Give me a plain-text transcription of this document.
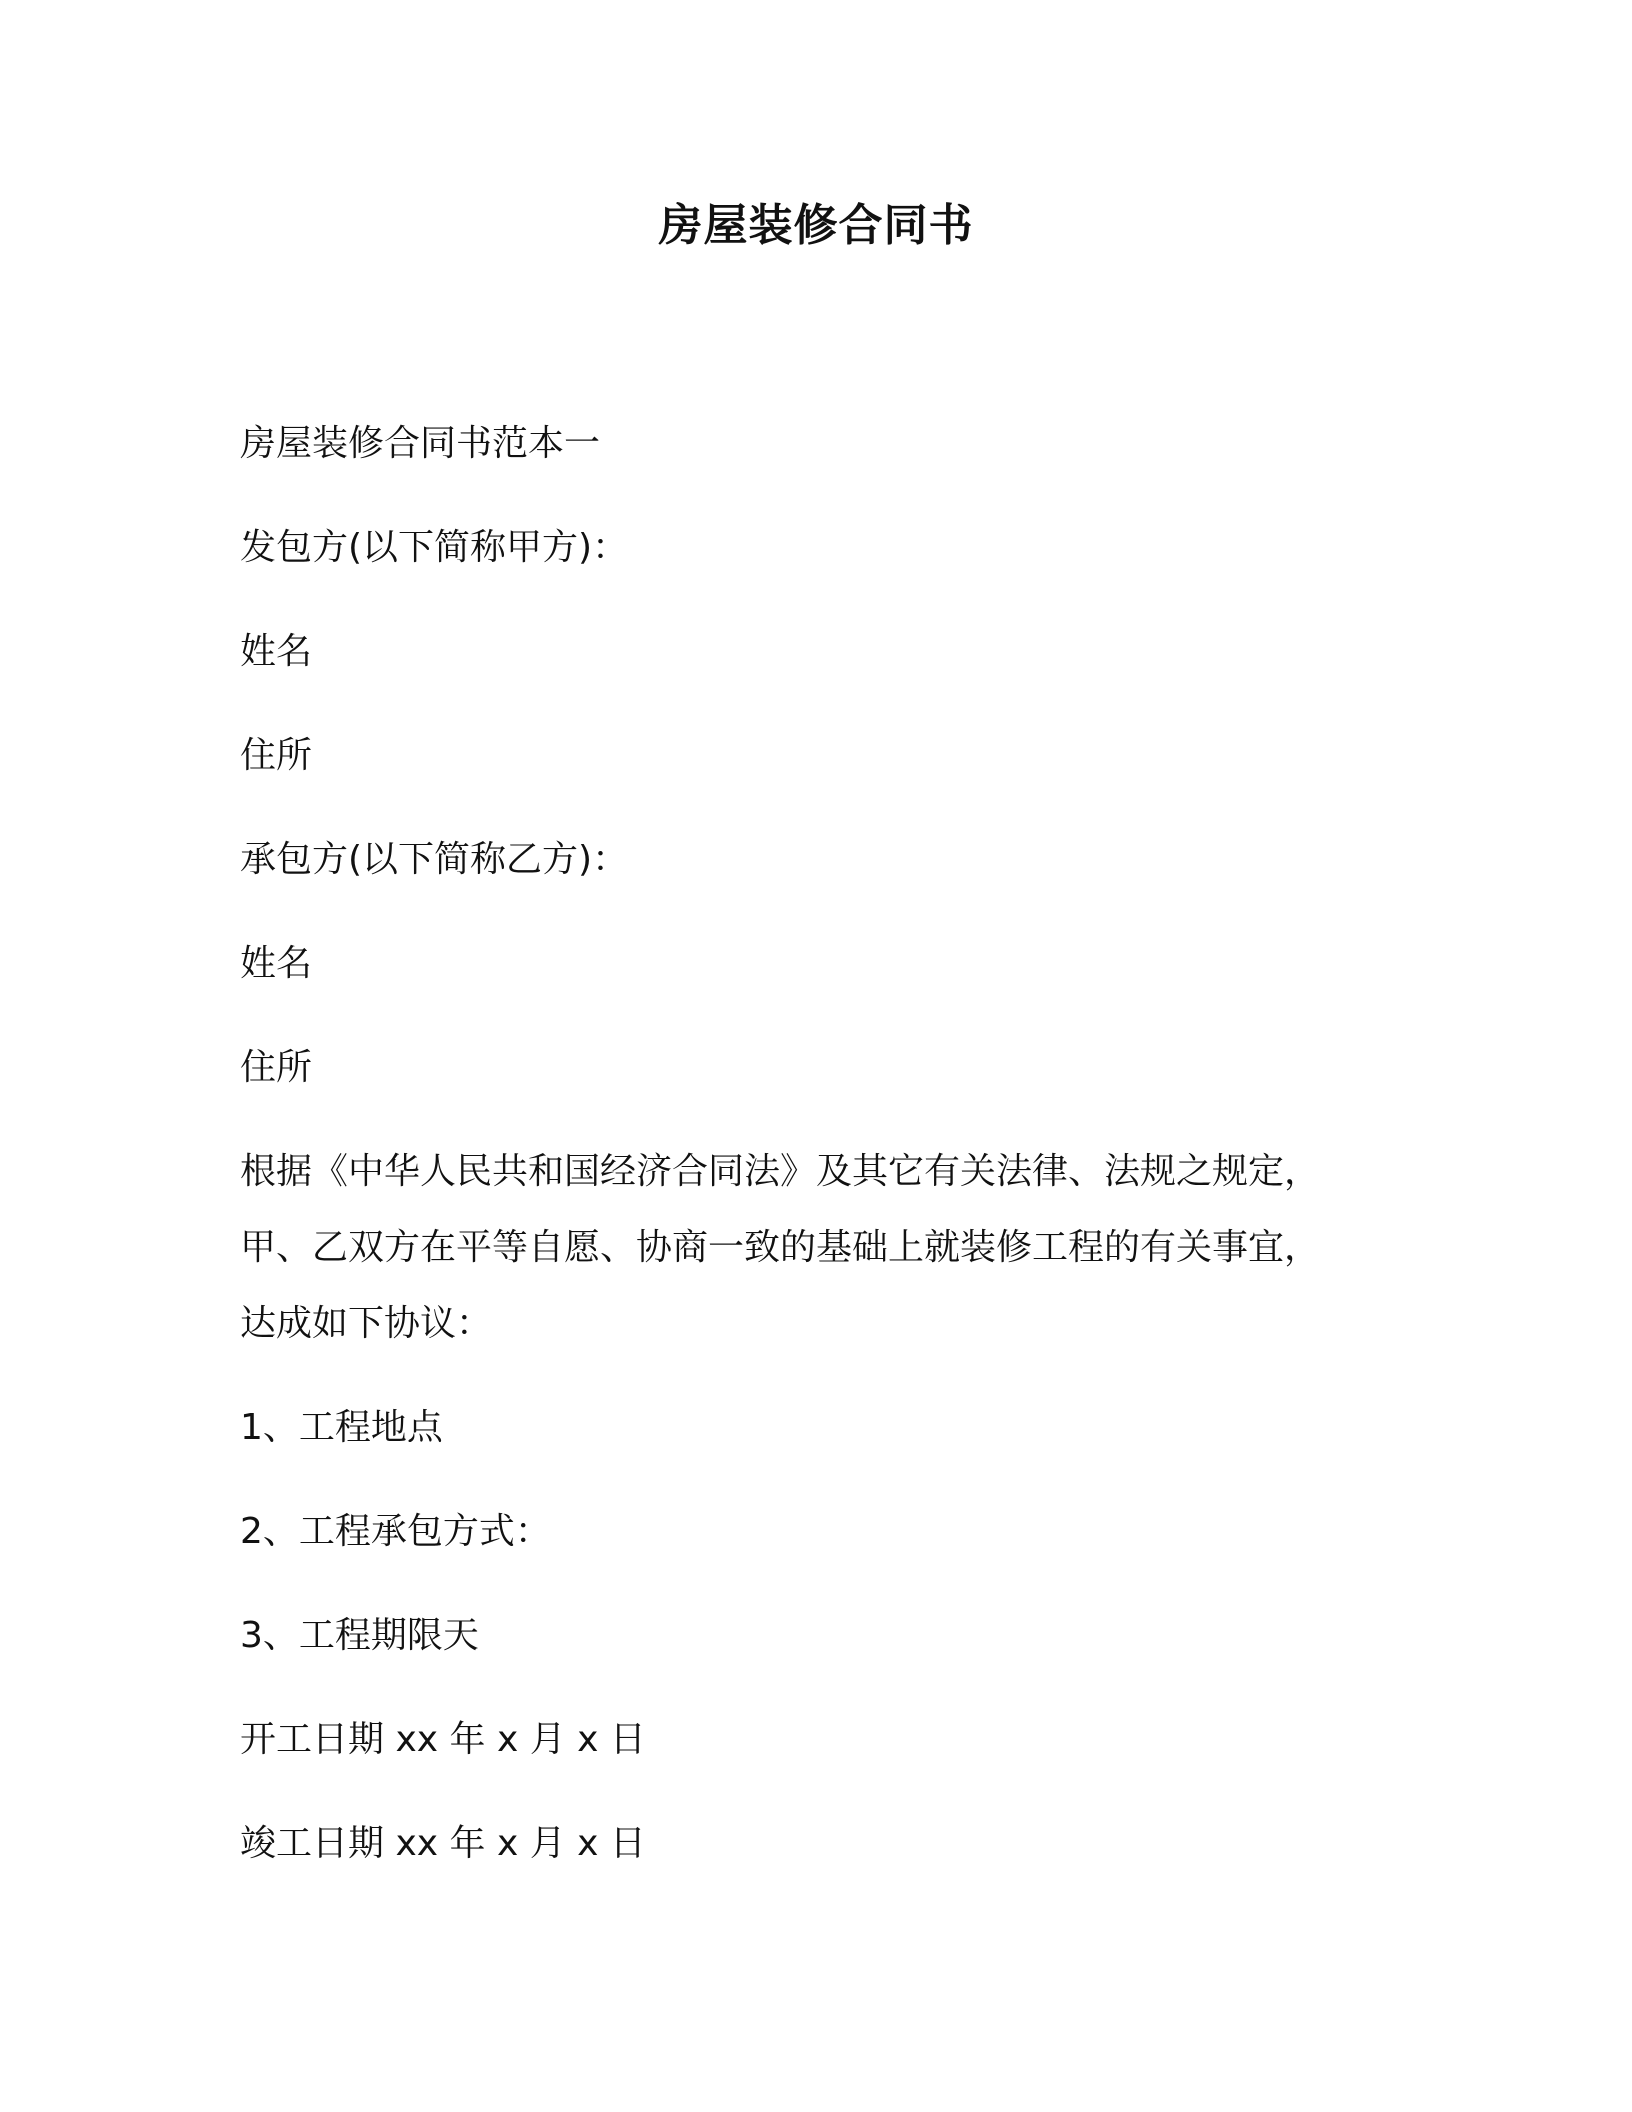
房屋装修合同书

房屋装修合同书范本一

发包方(以下简称甲方)：

姓名

住所

承包方(以下简称乙方)：

姓名

住所

根据《中华人民共和国经济合同法》及其它有关法律、法规之规定，
甲、乙双方在平等自愿、协商一致的基础上就装修工程的有关事宜，
达成如下协议：

1、工程地点

2、工程承包方式：

3、工程期限天

开工日期 xx 年 x 月 x 日

竣工日期 xx 年 x 月 x 日
